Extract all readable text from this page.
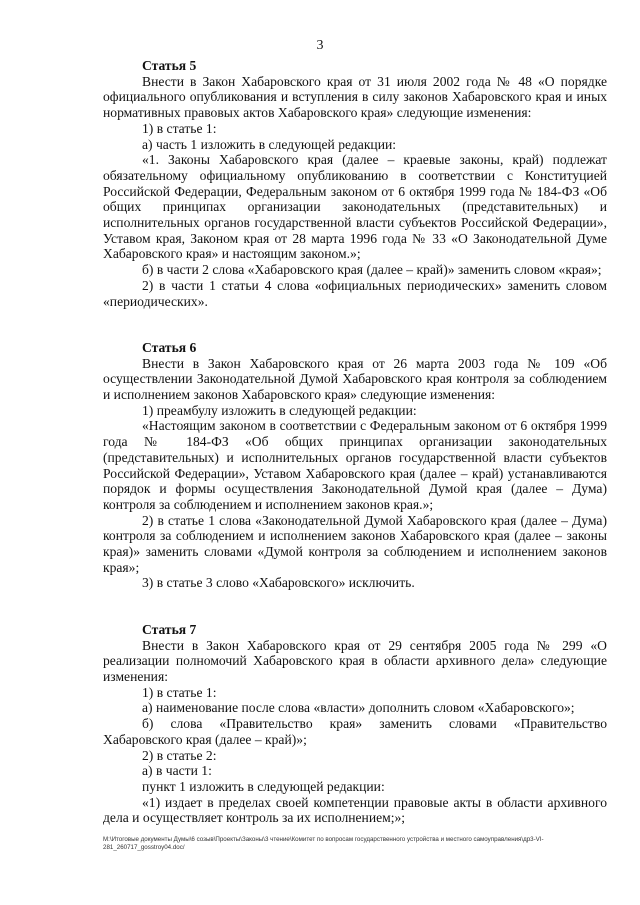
3
Статья 5

Внести в Закон Хабаровского края от 31 июля 2002 года № 48 «О порядке официального опубликования и вступления в силу законов Хабаровского края и иных нормативных правовых актов Хабаровского края» следующие изменения:

1) в статье 1:

а) часть 1 изложить в следующей редакции:

«1. Законы Хабаровского края (далее – краевые законы, край) подлежат обязательному официальному опубликованию в соответствии с Конституцией Российской Федерации, Федеральным законом от 6 октября 1999 года № 184-ФЗ «Об общих принципах организации законодательных (представительных) и исполнительных органов государственной власти субъектов Российской Федерации», Уставом края, Законом края от 28 марта 1996 года № 33 «О Законодательной Думе Хабаровского края» и настоящим законом.»;

б) в части 2 слова «Хабаровского края (далее – край)» заменить словом «края»;

2) в части 1 статьи 4 слова «официальных периодических» заменить словом «периодических».

Статья 6

Внести в Закон Хабаровского края от 26 марта 2003 года № 109 «Об осуществлении Законодательной Думой Хабаровского края контроля за соблюдением и исполнением законов Хабаровского края» следующие изменения:

1) преамбулу изложить в следующей редакции:

«Настоящим законом в соответствии с Федеральным законом от 6 октября 1999 года № 184-ФЗ «Об общих принципах организации законодательных (представительных) и исполнительных органов государственной власти субъектов Российской Федерации», Уставом Хабаровского края (далее – край) устанавливаются порядок и формы осуществления Законодательной Думой края (далее – Дума) контроля за соблюдением и исполнением законов края.»;

2) в статье 1 слова «Законодательной Думой Хабаровского края (далее – Дума) контроля за соблюдением и исполнением законов Хабаровского края (далее – законы края)» заменить словами «Думой контроля за соблюдением и исполнением законов края»;

3) в статье 3 слово «Хабаровского» исключить.

Статья 7

Внести в Закон Хабаровского края от 29 сентября 2005 года № 299 «О реализации полномочий Хабаровского края в области архивного дела» следующие изменения:

1) в статье 1:

а) наименование после слова «власти» дополнить словом «Хабаровского»;

б) слова «Правительство края» заменить словами «Правительство Хабаровского края (далее – край)»;

2) в статье 2:

а) в части 1:

пункт 1 изложить в следующей редакции:

«1) издает в пределах своей компетенции правовые акты в области архивного дела и осуществляет контроль за их исполнением;»;

М:\Итоговые документы Думы\6 созыв\Проекты\Законы\3 чтение\Комитет по вопросам государственного устройства и местного самоуправления\др3-VI-281_260717_gosstroy04.doc/
